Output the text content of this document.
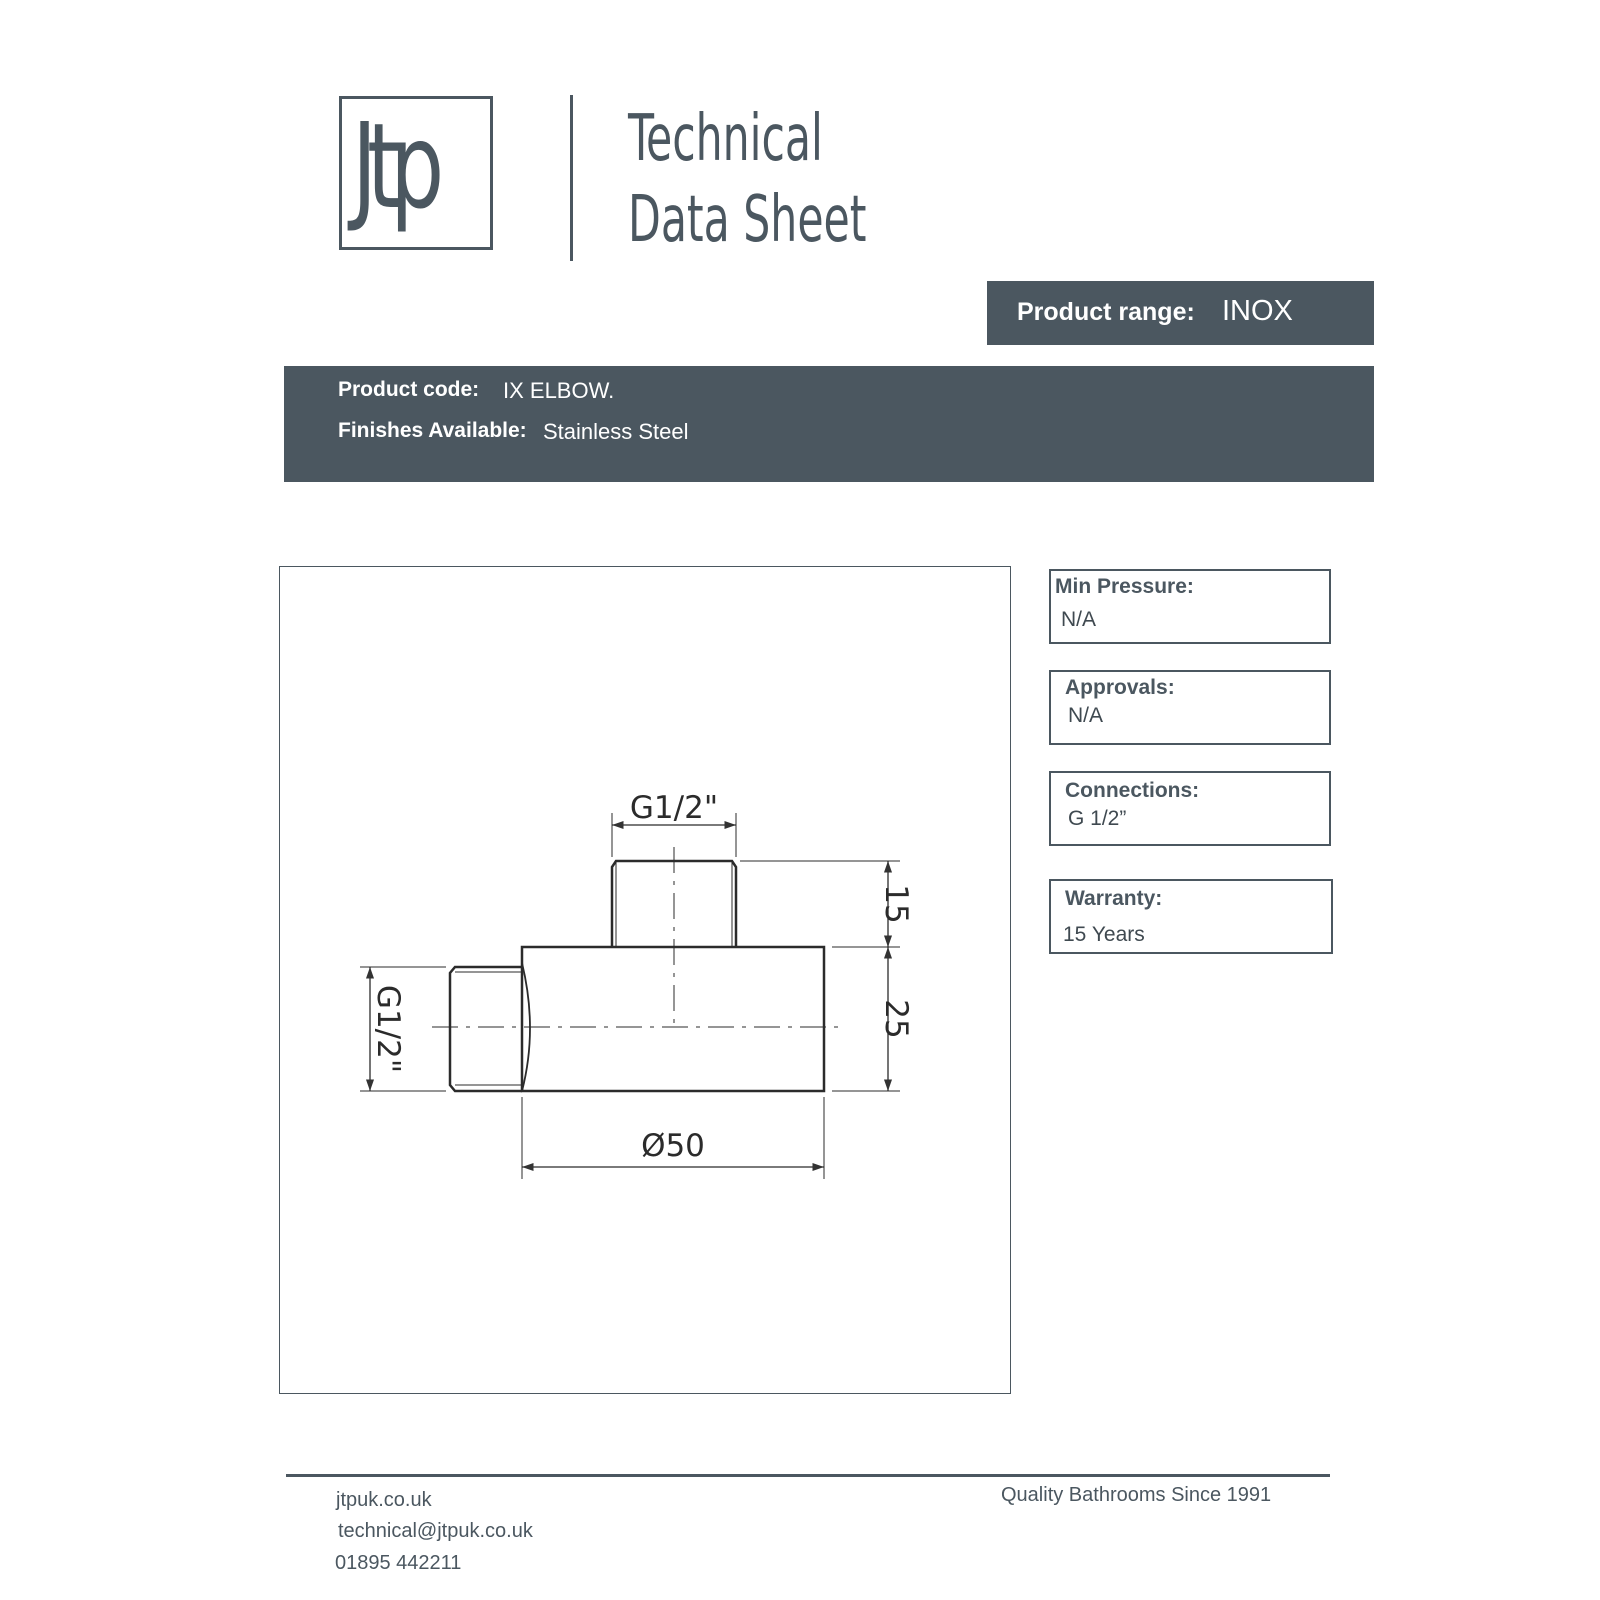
Jtp	Technical
Data Sheet
Product range: INOX
Product code: IX ELBOW.
Finishes Available: Stainless Steel
G1/2"
15
25
G1/2"
Ø50
Min Pressure:
N/A
Approvals:
N/A
Connections:
G 1/2”
Warranty:
15 Years
jtpuk.co.uk
technical@jtpuk.co.uk
01895 442211
Quality Bathrooms Since 1991
